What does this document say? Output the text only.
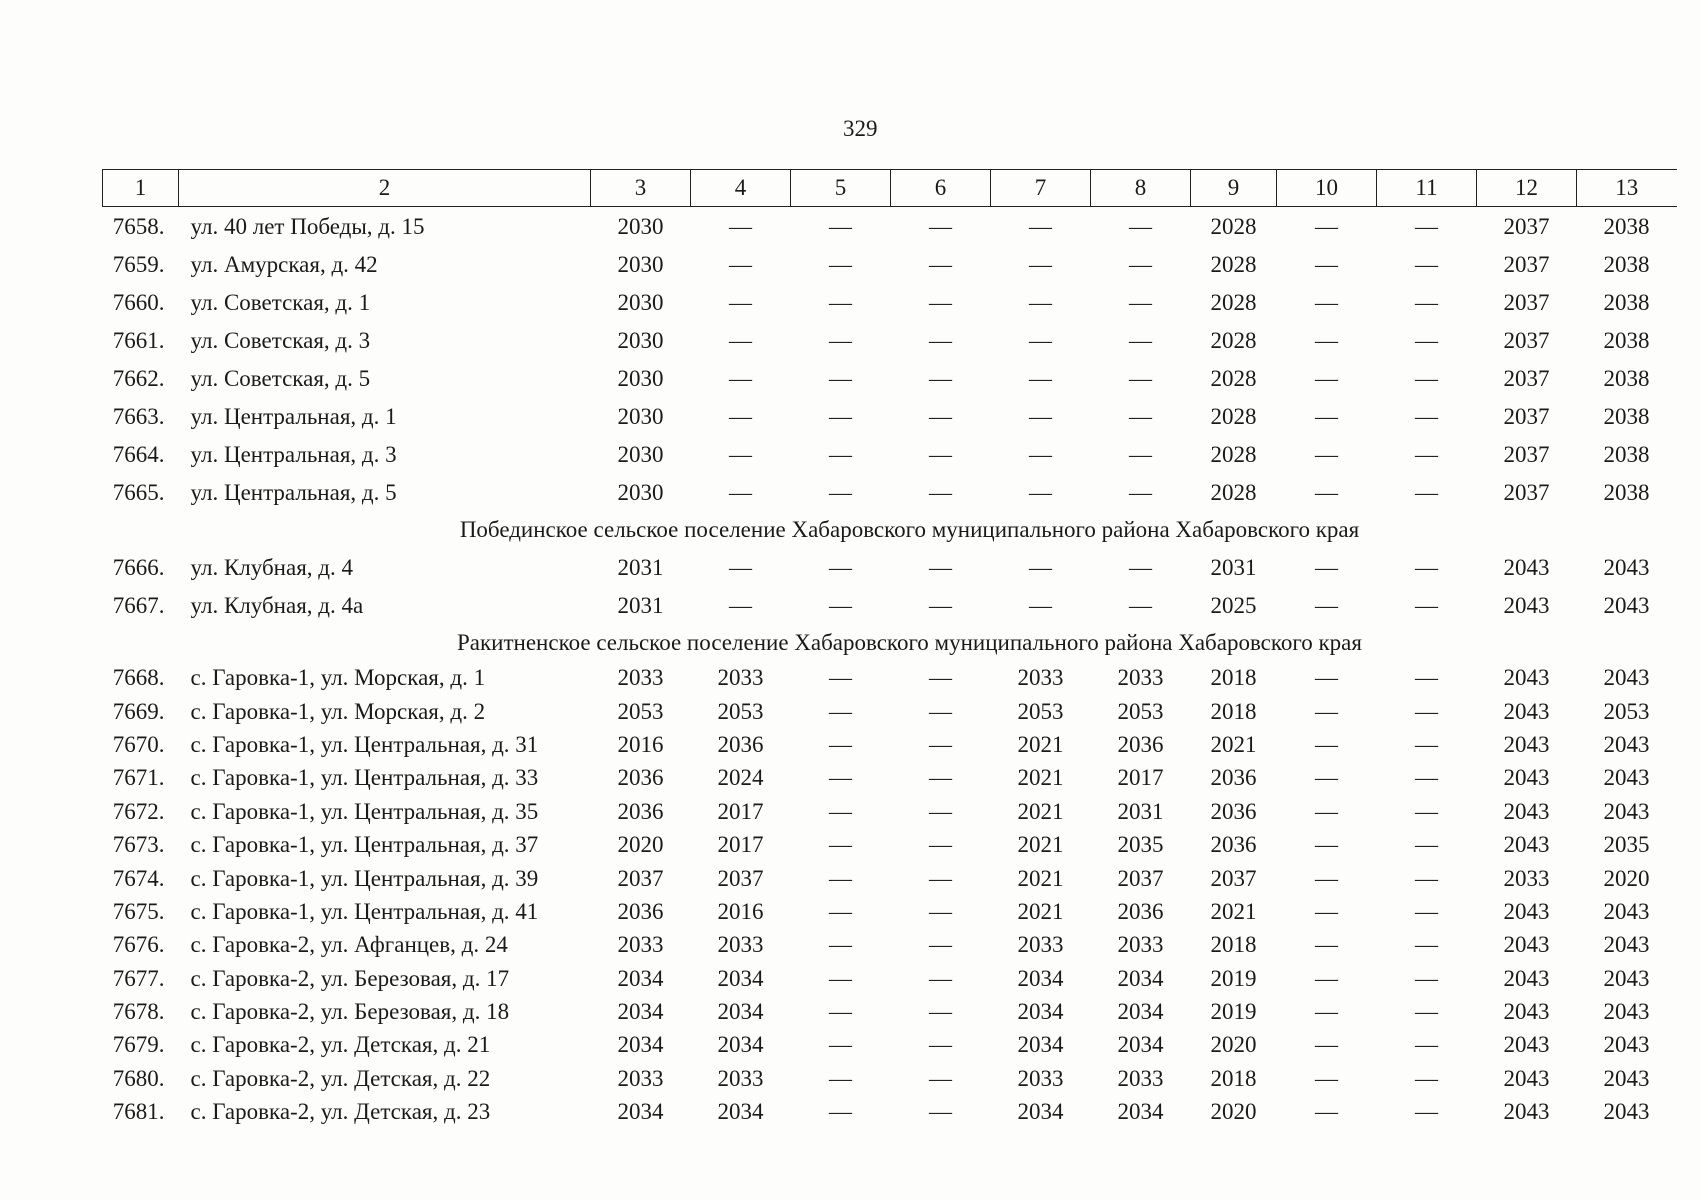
329
1	2	3	4	5	6	7	8	9	10	11	12	13
7658.	ул. 40 лет Победы, д. 15	2030	—	—	—	—	—	2028	—	—	2037	2038
7659.	ул. Амурская, д. 42	2030	—	—	—	—	—	2028	—	—	2037	2038
7660.	ул. Советская, д. 1	2030	—	—	—	—	—	2028	—	—	2037	2038
7661.	ул. Советская, д. 3	2030	—	—	—	—	—	2028	—	—	2037	2038
7662.	ул. Советская, д. 5	2030	—	—	—	—	—	2028	—	—	2037	2038
7663.	ул. Центральная, д. 1	2030	—	—	—	—	—	2028	—	—	2037	2038
7664.	ул. Центральная, д. 3	2030	—	—	—	—	—	2028	—	—	2037	2038
7665.	ул. Центральная, д. 5	2030	—	—	—	—	—	2028	—	—	2037	2038
Побединское сельское поселение Хабаровского муниципального района Хабаровского края												
7666.	ул. Клубная, д. 4	2031	—	—	—	—	—	2031	—	—	2043	2043
7667.	ул. Клубная, д. 4а	2031	—	—	—	—	—	2025	—	—	2043	2043
Ракитненское сельское поселение Хабаровского муниципального района Хабаровского края												
7668.	с. Гаровка-1, ул. Морская, д. 1	2033	2033	—	—	2033	2033	2018	—	—	2043	2043
7669.	с. Гаровка-1, ул. Морская, д. 2	2053	2053	—	—	2053	2053	2018	—	—	2043	2053
7670.	с. Гаровка-1, ул. Центральная, д. 31	2016	2036	—	—	2021	2036	2021	—	—	2043	2043
7671.	с. Гаровка-1, ул. Центральная, д. 33	2036	2024	—	—	2021	2017	2036	—	—	2043	2043
7672.	с. Гаровка-1, ул. Центральная, д. 35	2036	2017	—	—	2021	2031	2036	—	—	2043	2043
7673.	с. Гаровка-1, ул. Центральная, д. 37	2020	2017	—	—	2021	2035	2036	—	—	2043	2035
7674.	с. Гаровка-1, ул. Центральная, д. 39	2037	2037	—	—	2021	2037	2037	—	—	2033	2020
7675.	с. Гаровка-1, ул. Центральная, д. 41	2036	2016	—	—	2021	2036	2021	—	—	2043	2043
7676.	с. Гаровка-2, ул. Афганцев, д. 24	2033	2033	—	—	2033	2033	2018	—	—	2043	2043
7677.	с. Гаровка-2, ул. Березовая, д. 17	2034	2034	—	—	2034	2034	2019	—	—	2043	2043
7678.	с. Гаровка-2, ул. Березовая, д. 18	2034	2034	—	—	2034	2034	2019	—	—	2043	2043
7679.	с. Гаровка-2, ул. Детская, д. 21	2034	2034	—	—	2034	2034	2020	—	—	2043	2043
7680.	с. Гаровка-2, ул. Детская, д. 22	2033	2033	—	—	2033	2033	2018	—	—	2043	2043
7681.	с. Гаровка-2, ул. Детская, д. 23	2034	2034	—	—	2034	2034	2020	—	—	2043	2043
